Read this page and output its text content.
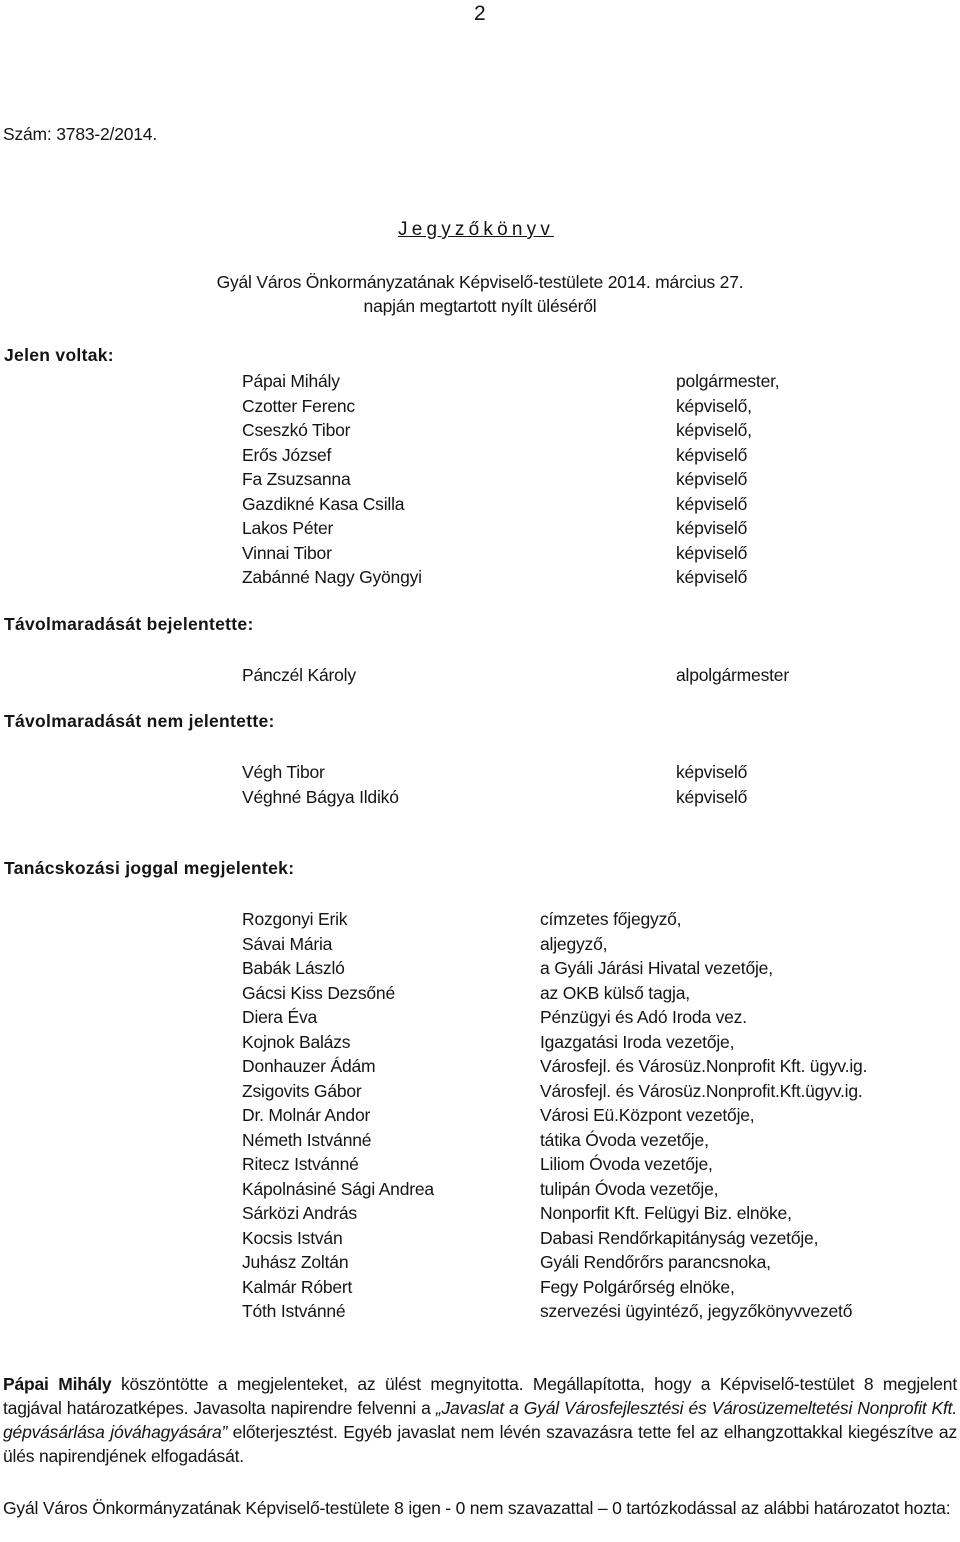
2
Szám: 3783-2/2014.
Jegyzőkönyv
Gyál Város Önkormányzatának Képviselő-testülete 2014. március 27.
napján megtartott nyílt üléséről
Jelen voltak:
Pápai Mihály
Czotter Ferenc
Cseszkó Tibor
Erős József
Fa Zsuzsanna
Gazdikné Kasa Csilla
Lakos Péter
Vinnai Tibor
Zabánné Nagy Gyöngyi
polgármester,
képviselő,
képviselő,
képviselő
képviselő
képviselő
képviselő
képviselő
képviselő
Távolmaradását bejelentette:
Pánczél Károly	alpolgármester
Távolmaradását nem jelentette:
Végh Tibor
Véghné Bágya Ildikó
képviselő
képviselő
Tanácskozási joggal megjelentek:
Rozgonyi Erik
Sávai Mária
Babák László
Gácsi Kiss Dezsőné
Diera Éva
Kojnok Balázs
Donhauzer Ádám
Zsigovits Gábor
Dr. Molnár Andor
Németh Istvánné
Ritecz Istvánné
Kápolnásiné Sági Andrea
Sárközi András
Kocsis István
Juhász Zoltán
Kalmár Róbert
Tóth Istvánné
címzetes főjegyző,
aljegyző,
a Gyáli Járási Hivatal vezetője,
az OKB külső tagja,
Pénzügyi és Adó Iroda vez.
Igazgatási Iroda vezetője,
Városfejl. és Városüz.Nonprofit Kft. ügyv.ig.
Városfejl. és Városüz.Nonprofit.Kft.ügyv.ig.
Városi Eü.Központ vezetője,
tátika Óvoda vezetője,
Liliom Óvoda vezetője,
tulipán Óvoda vezetője,
Nonporfit Kft. Felügyi Biz. elnöke,
Dabasi Rendőrkapitányság vezetője,
Gyáli Rendőrőrs parancsnoka,
Fegy Polgárőrség elnöke,
szervezési ügyintéző, jegyzőkönyvvezető
Pápai Mihály köszöntötte a megjelenteket, az ülést megnyitotta. Megállapította, hogy a Képviselő-testület 8 megjelent tagjával határozatképes. Javasolta napirendre felvenni a „Javaslat a Gyál Városfejlesztési és Városüzemeltetési Nonprofit Kft. gépvásárlása jóváhagyására” előterjesztést. Egyéb javaslat nem lévén szavazásra tette fel az elhangzottakkal kiegészítve az ülés napirendjének elfogadását.
Gyál Város Önkormányzatának Képviselő-testülete 8 igen - 0 nem szavazattal – 0 tartózkodással az alábbi határozatot hozta:
